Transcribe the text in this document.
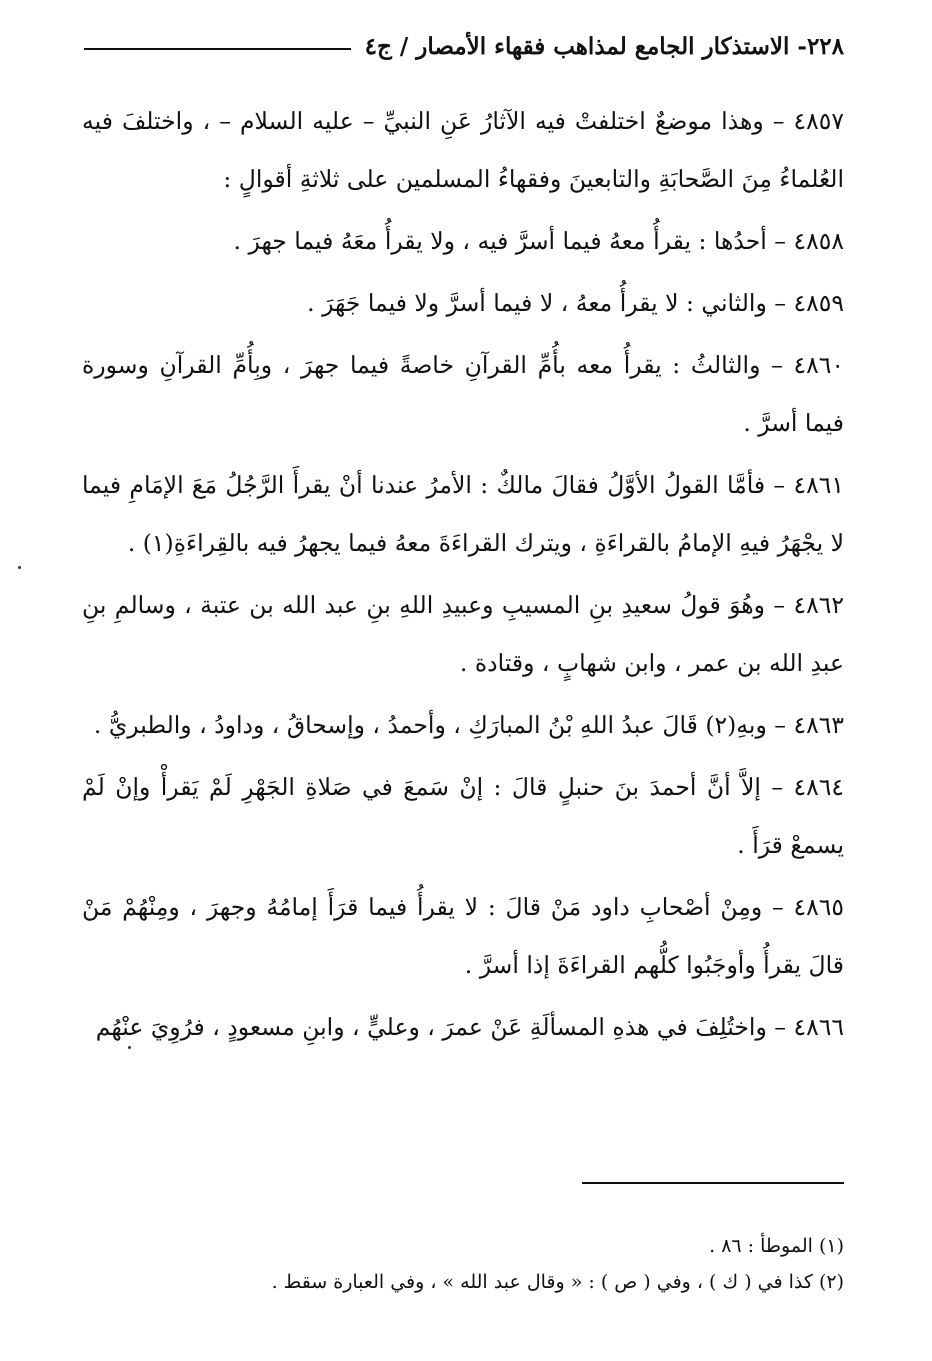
٢٢٨- الاستذكار الجامع لمذاهب فقهاء الأمصار / ج٤

٤٨٥٧ – وهذا موضعٌ اختلفتْ فيه الآثارُ عَنِ النبيِّ – عليه السلام – ، واختلفَ فيه العُلماءُ مِنَ الصَّحابَةِ والتابعينَ وفقهاءُ المسلمين على ثلاثةِ أقوالٍ :

٤٨٥٨ – أحدُها : يقرأُ معهُ فيما أسرَّ فيه ، ولا يقرأُ معَهُ فيما جهرَ .

٤٨٥٩ – والثاني : لا يقرأُ معهُ ، لا فيما أسرَّ ولا فيما جَهَرَ .

٤٨٦٠ – والثالثُ : يقرأُ معه بأُمِّ القرآنِ خاصةً فيما جهرَ ، وبِأُمِّ القرآنِ وسورة فيما أسرَّ .

٤٨٦١ – فأمَّا القولُ الأوَّلُ فقالَ مالكٌ : الأمرُ عندنا أنْ يقرأَ الرَّجُلُ مَعَ الإمَامِ فيما لا يجْهَرُ فيهِ الإمامُ بالقراءَةِ ، ويترك القراءَةَ معهُ فيما يجهرُ فيه بالقِراءَةِ(١) .

٤٨٦٢ – وهُوَ قولُ سعيدِ بنِ المسيبِ وعبيدِ اللهِ بنِ عبد الله بن عتبة ، وسالمِ بنِ عبدِ الله بن عمر ، وابن شهابٍ ، وقتادة .

٤٨٦٣ – وبهِ(٢) قَالَ عبدُ اللهِ بْنُ المبارَكِ ، وأحمدُ ، وإسحاقُ ، وداودُ ، والطبريُّ .

٤٨٦٤ – إلاَّ أنَّ أحمدَ بنَ حنبلٍ قالَ : إنْ سَمعَ في صَلاةِ الجَهْرِ لَمْ يَقرأْ وإنْ لَمْ يسمعْ قرَأَ .

٤٨٦٥ – ومِنْ أصْحابِ داود مَنْ قالَ : لا يقرأُ فيما قرَأَ إمامُهُ وجهرَ ، ومِنْهُمْ مَنْ قالَ يقرأُ وأوجَبُوا كلُّهم القراءَةَ إذا أسرَّ .

٤٨٦٦ – واختُلِفَ في هذهِ المسألَةِ عَنْ عمرَ ، وعليٍّ ، وابنِ مسعودٍ ، فرُوِيَ عنْهُم

(١) الموطأ : ٨٦ .

(٢) كذا في ( ك ) ، وفي ( ص ) : « وقال عبد الله » ، وفي العبارة سقط .
